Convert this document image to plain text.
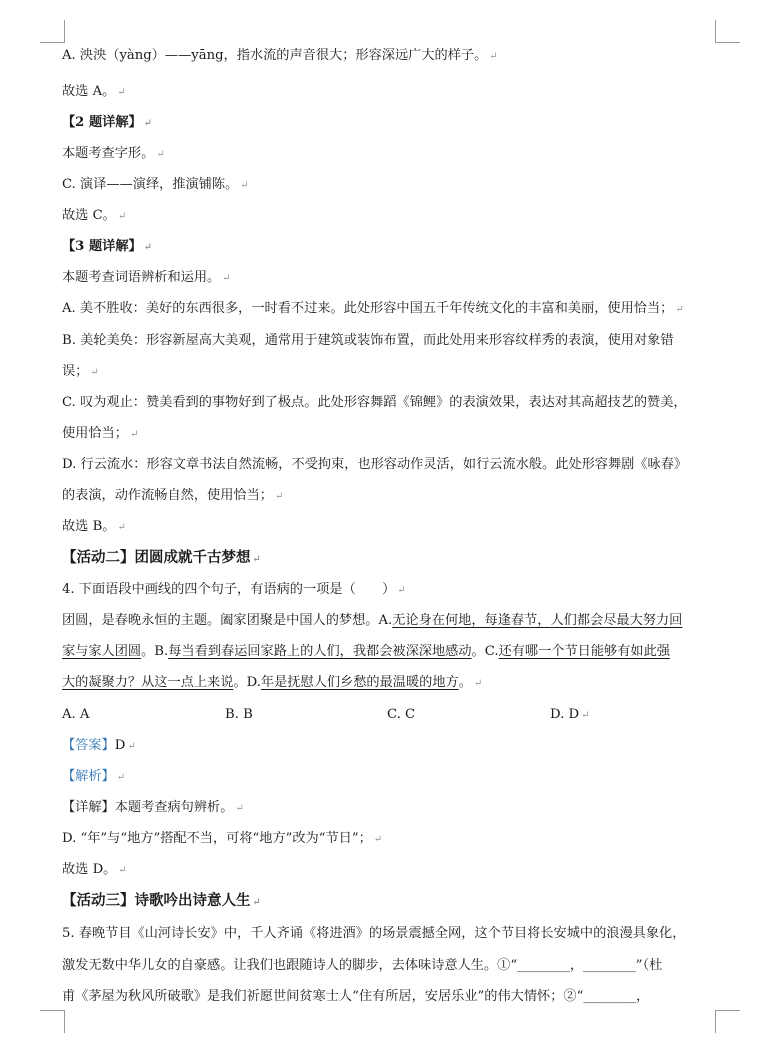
A. 泱泱（yàng）——yāng，指水流的声音很大；形容深远广大的样子。 ↵
故选 A。 ↵
【2 题详解】 ↵
本题考查字形。 ↵
C. 演译——演绎，推演铺陈。 ↵
故选 C。 ↵
【3 题详解】 ↵
本题考查词语辨析和运用。 ↵
A. 美不胜收：美好的东西很多，一时看不过来。此处形容中国五千年传统文化的丰富和美丽，使用恰当； ↵
B. 美轮美奂：形容新屋高大美观，通常用于建筑或装饰布置，而此处用来形容纹样秀的表演，使用对象错
误； ↵
C. 叹为观止：赞美看到的事物好到了极点。此处形容舞蹈《锦鲤》的表演效果，表达对其高超技艺的赞美，
使用恰当； ↵
D. 行云流水：形容文章书法自然流畅，不受拘束，也形容动作灵活，如行云流水般。此处形容舞剧《咏春》
的表演，动作流畅自然，使用恰当； ↵
故选 B。 ↵
【活动二】团圆成就千古梦想 ↵
4. 下面语段中画线的四个句子，有语病的一项是（　　） ↵
团圆，是春晚永恒的主题。阖家团聚是中国人的梦想。A.无论身在何地，每逢春节，人们都会尽最大努力回
家与家人团圆。B.每当看到春运回家路上的人们，我都会被深深地感动。C.还有哪一个节日能够有如此强
大的凝聚力？从这一点上来说。D.年是抚慰人们乡愁的最温暖的地方。 ↵
A. A	B. B	C. C	D. D ↵
【答案】D ↵
【解析】 ↵
【详解】本题考查病句辨析。 ↵
D. “年”与“地方”搭配不当，可将“地方”改为“节日”； ↵
故选 D。 ↵
【活动三】诗歌吟出诗意人生 ↵
5. 春晚节目《山河诗长安》中，千人齐诵《将进酒》的场景震撼全网，这个节目将长安城中的浪漫具象化，
激发无数中华儿女的自豪感。让我们也跟随诗人的脚步，去体味诗意人生。①“________，________”（杜
甫《茅屋为秋风所破歌》是我们祈愿世间贫寒士人“住有所居，安居乐业”的伟大情怀；②“________，
